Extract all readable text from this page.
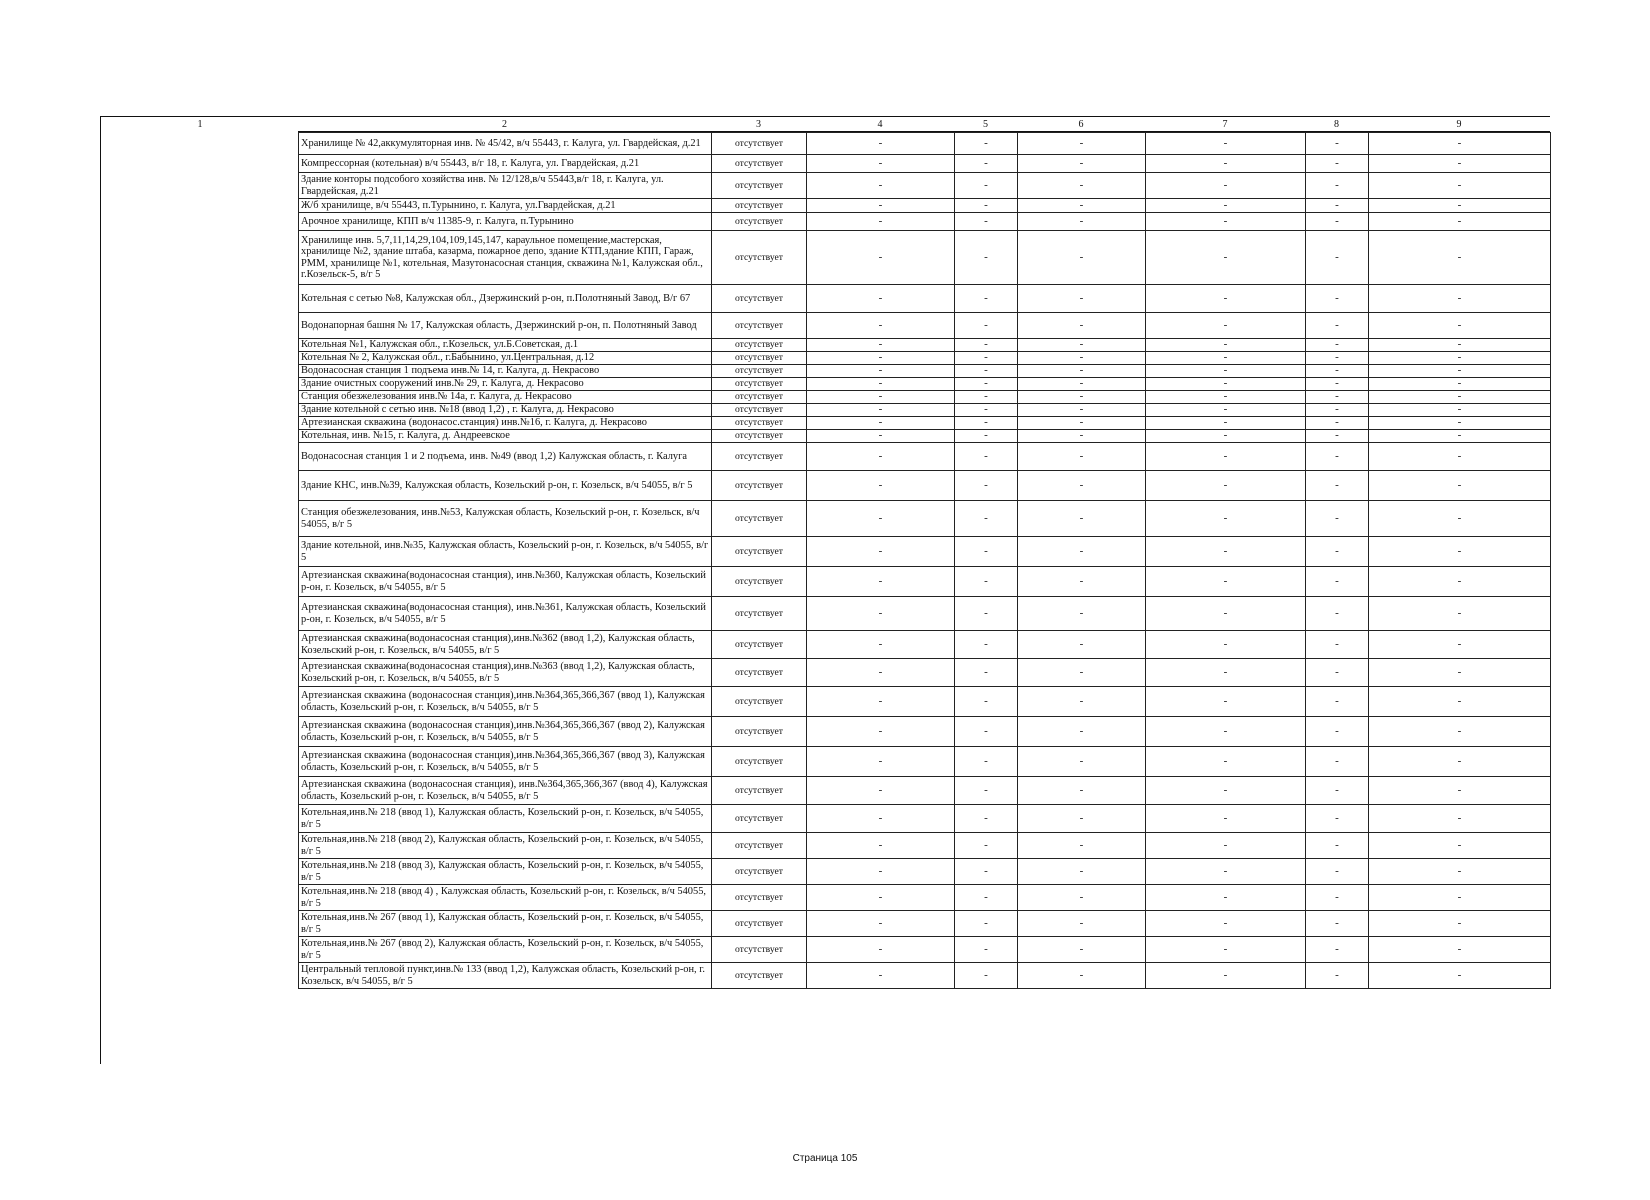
1	2	3	4	5	6	7	8	9
Хранилище № 42,аккумуляторная инв. № 45/42, в/ч 55443, г. Калуга, ул. Гвардейская, д.21	отсутствует	-	-	-	-	-	-
Компрессорная (котельная) в/ч 55443, в/г 18, г. Калуга, ул. Гвардейская, д.21	отсутствует	-	-	-	-	-	-
Здание конторы подсобого хозяйства инв. № 12/128,в/ч 55443,в/г 18, г. Калуга, ул. Гвардейская, д.21	отсутствует	-	-	-	-	-	-
Ж/б хранилище, в/ч 55443, п.Турынино, г. Калуга, ул.Гвардейская, д.21	отсутствует	-	-	-	-	-	-
Арочное хранилище, КПП в/ч 11385-9, г. Калуга, п.Турынино	отсутствует	-	-	-	-	-	-
Хранилище инв. 5,7,11,14,29,104,109,145,147, караульное помещение,мастерская, хранилище №2, здание штаба, казарма, пожарное депо, здание КТП,здание КПП, Гараж, РММ, хранилище №1, котельная, Мазутонасосная станция, скважина №1, Калужская обл., г.Козельск-5, в/г 5	отсутствует	-	-	-	-	-	-
Котельная с сетью №8, Калужская обл., Дзержинский р-он, п.Полотняный Завод, В/г 67	отсутствует	-	-	-	-	-	-
Водонапорная башня № 17, Калужская область, Дзержинский р-он, п. Полотняный Завод	отсутствует	-	-	-	-	-	-
Котельная №1, Калужская обл., г.Козельск, ул.Б.Советская, д.1	отсутствует	-	-	-	-	-	-
Котельная № 2, Калужская обл., г.Бабынино, ул.Центральная, д.12	отсутствует	-	-	-	-	-	-
Водонасосная станция 1 подъема инв.№ 14, г. Калуга, д. Некрасово	отсутствует	-	-	-	-	-	-
Здание очистных сооружений инв.№ 29, г. Калуга, д. Некрасово	отсутствует	-	-	-	-	-	-
Станция обезжелезования инв.№ 14а, г. Калуга, д. Некрасово	отсутствует	-	-	-	-	-	-
Здание котельной с сетью инв. №18 (ввод 1,2) , г. Калуга, д. Некрасово	отсутствует	-	-	-	-	-	-
Артезианская скважина (водонасос.станция) инв.№16, г. Калуга, д. Некрасово	отсутствует	-	-	-	-	-	-
Котельная, инв. №15, г. Калуга, д. Андреевское	отсутствует	-	-	-	-	-	-
Водонасосная станция 1 и 2 подъема, инв. №49 (ввод 1,2) Калужская область, г. Калуга	отсутствует	-	-	-	-	-	-
Здание КНС, инв.№39, Калужская область, Козельский р-он, г. Козельск, в/ч 54055, в/г 5	отсутствует	-	-	-	-	-	-
Станция обезжелезования, инв.№53, Калужская область, Козельский р-он, г. Козельск, в/ч 54055, в/г 5	отсутствует	-	-	-	-	-	-
Здание котельной, инв.№35, Калужская область, Козельский р-он, г. Козельск, в/ч 54055, в/г 5	отсутствует	-	-	-	-	-	-
Артезианская скважина(водонасосная станция), инв.№360, Калужская область, Козельский р-он, г. Козельск, в/ч 54055, в/г 5	отсутствует	-	-	-	-	-	-
Артезианская скважина(водонасосная станция), инв.№361, Калужская область, Козельский р-он, г. Козельск, в/ч 54055, в/г 5	отсутствует	-	-	-	-	-	-
Артезианская скважина(водонасосная станция),инв.№362 (ввод 1,2), Калужская область, Козельский р-он, г. Козельск, в/ч 54055, в/г 5	отсутствует	-	-	-	-	-	-
Артезианская скважина(водонасосная станция),инв.№363 (ввод 1,2), Калужская область, Козельский р-он, г. Козельск, в/ч 54055, в/г 5	отсутствует	-	-	-	-	-	-
Артезианская скважина (водонасосная станция),инв.№364,365,366,367 (ввод 1), Калужская область, Козельский р-он, г. Козельск, в/ч 54055, в/г 5	отсутствует	-	-	-	-	-	-
Артезианская скважина (водонасосная станция),инв.№364,365,366,367 (ввод 2), Калужская область, Козельский р-он, г. Козельск, в/ч 54055, в/г 5	отсутствует	-	-	-	-	-	-
Артезианская скважина (водонасосная станция),инв.№364,365,366,367 (ввод 3), Калужская область, Козельский р-он, г. Козельск, в/ч 54055, в/г 5	отсутствует	-	-	-	-	-	-
Артезианская скважина (водонасосная станция), инв.№364,365,366,367 (ввод 4), Калужская область, Козельский р-он, г. Козельск, в/ч 54055, в/г 5	отсутствует	-	-	-	-	-	-
Котельная,инв.№ 218 (ввод 1), Калужская область, Козельский р-он, г. Козельск, в/ч 54055, в/г 5	отсутствует	-	-	-	-	-	-
Котельная,инв.№ 218 (ввод 2), Калужская область, Козельский р-он, г. Козельск, в/ч 54055, в/г 5	отсутствует	-	-	-	-	-	-
Котельная,инв.№ 218 (ввод 3), Калужская область, Козельский р-он, г. Козельск, в/ч 54055, в/г 5	отсутствует	-	-	-	-	-	-
Котельная,инв.№ 218 (ввод 4) , Калужская область, Козельский р-он, г. Козельск, в/ч 54055, в/г 5	отсутствует	-	-	-	-	-	-
Котельная,инв.№ 267 (ввод 1), Калужская область, Козельский р-он, г. Козельск, в/ч 54055, в/г 5	отсутствует	-	-	-	-	-	-
Котельная,инв.№ 267 (ввод 2), Калужская область, Козельский р-он, г. Козельск, в/ч 54055, в/г 5	отсутствует	-	-	-	-	-	-
Центральный тепловой пункт,инв.№ 133 (ввод 1,2), Калужская область, Козельский р-он, г. Козельск, в/ч 54055, в/г 5	отсутствует	-	-	-	-	-	-
Страница 105
